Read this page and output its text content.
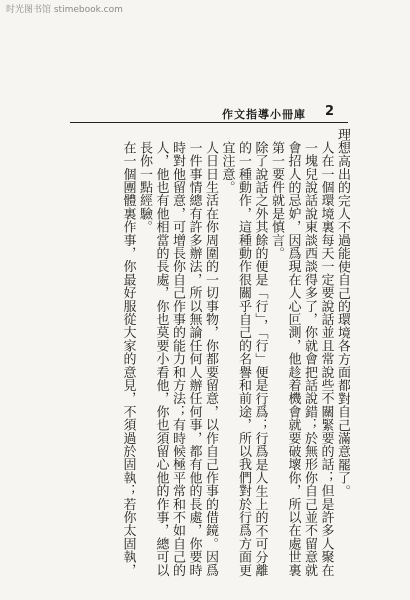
时光图书馆 stimebook.com
2
作文指導小冊庫

理想高出的完人不過能使自己的環境各方面都對自己滿意罷了。

人在一個環境裏每天一定要說話並且常說些不關緊要的話；但是許多人聚在一塊兒說話說東談西談得多了，你就會把話說錯；於無形你自己並不留意就會招人的忌妒，因爲現在人心叵測，他趁着機會就要破壞你，所以在處世裏第一要件就是慎言。

除了說話之外其餘的便是「行」，「行」便是行爲；行爲是人生上的不可分離的一種動作，這種動作很關乎自己的名譽和前途，所以我們對於行爲方面更宜注意。

人日日生活在你周圍的一切事物，你都要留意，以作自己作事的借鏡。因爲一件事情總有許多辦法，所以無論任何人辦任何事，都有他的長處，你要時時對他留意，可增長你自己作事的能力和方法；有時候極平常和不如自己的人，他也有他相當的長處，你也莫要小看他，你也須留心他的作事，總可以長你一點經驗。

在一個團體裏作事，你最好服從大家的意見，不須過於固執；若你太固執，
